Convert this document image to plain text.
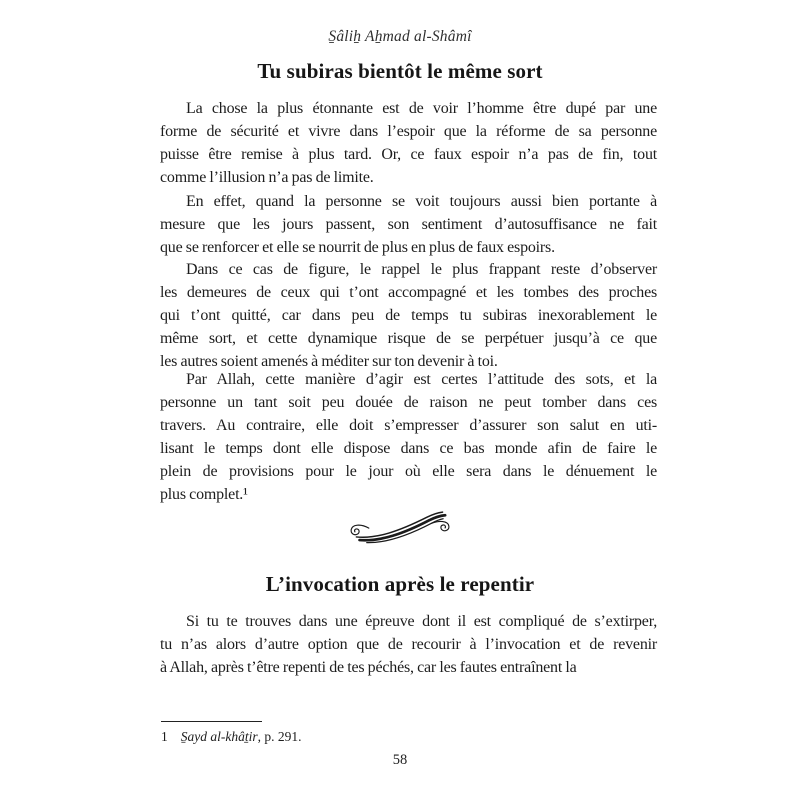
S̱âliẖ Aẖmad al-Shâmî
Tu subiras bientôt le même sort
La chose la plus étonnante est de voir l’homme être dupé par une
forme de sécurité et vivre dans l’espoir que la réforme de sa personne
puisse être remise à plus tard. Or, ce faux espoir n’a pas de fin, tout
comme l’illusion n’a pas de limite.
En effet, quand la personne se voit toujours aussi bien portante à
mesure que les jours passent, son sentiment d’autosuffisance ne fait
que se renforcer et elle se nourrit de plus en plus de faux espoirs.
Dans ce cas de figure, le rappel le plus frappant reste d’observer
les demeures de ceux qui t’ont accompagné et les tombes des proches
qui t’ont quitté, car dans peu de temps tu subiras inexorablement le
même sort, et cette dynamique risque de se perpétuer jusqu’à ce que
les autres soient amenés à méditer sur ton devenir à toi.
Par Allah, cette manière d’agir est certes l’attitude des sots, et la
personne un tant soit peu douée de raison ne peut tomber dans ces
travers. Au contraire, elle doit s’empresser d’assurer son salut en uti-
lisant le temps dont elle dispose dans ce bas monde afin de faire le
plein de provisions pour le jour où elle sera dans le dénuement le
plus complet.¹
L’invocation après le repentir
Si tu te trouves dans une épreuve dont il est compliqué de s’extirper,
tu n’as alors d’autre option que de recourir à l’invocation et de revenir
à Allah, après t’être repenti de tes péchés, car les fautes entraînent la
1 S̱ayd al-khâṯir, p. 291.
58
